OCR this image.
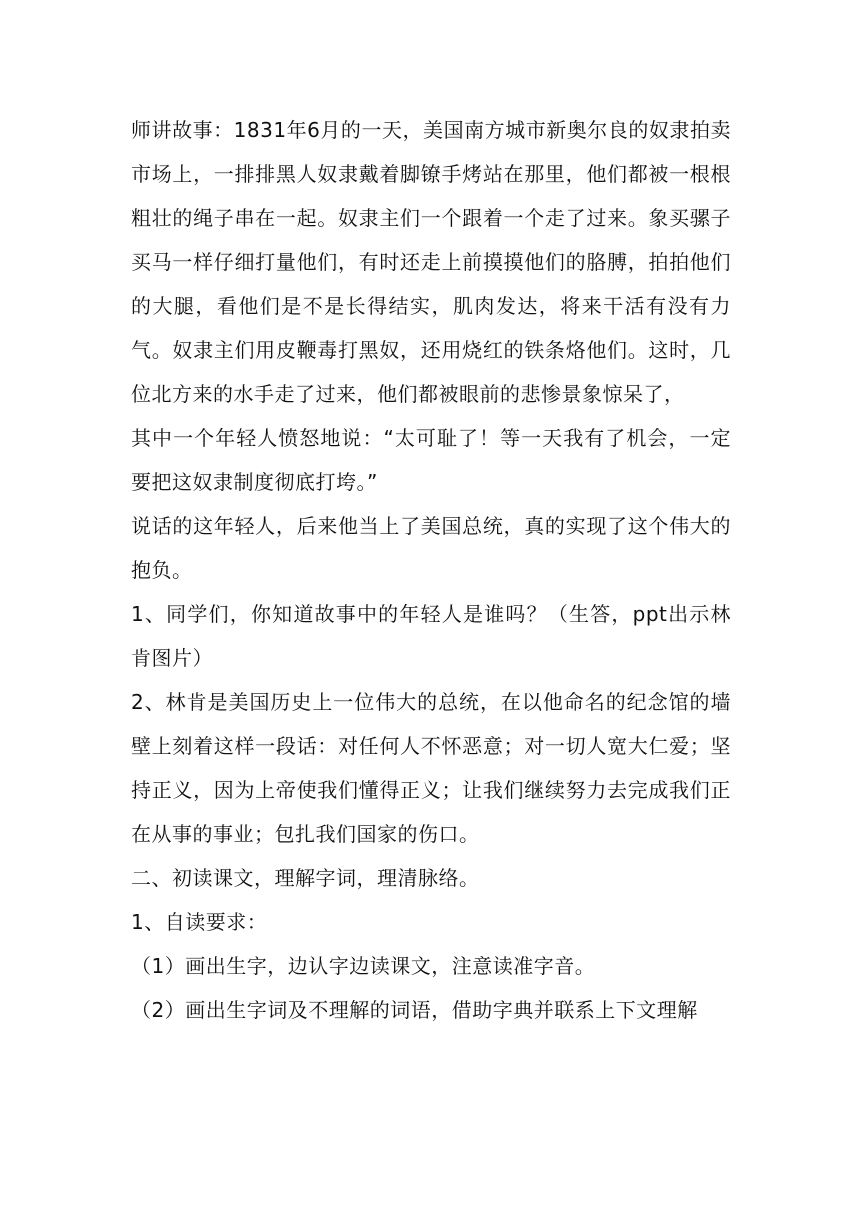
师讲故事：1831年6月的一天，美国南方城市新奥尔良的奴隶拍卖市场上，一排排黑人奴隶戴着脚镣手烤站在那里，他们都被一根根粗壮的绳子串在一起。奴隶主们一个跟着一个走了过来。象买骡子买马一样仔细打量他们，有时还走上前摸摸他们的胳膊，拍拍他们的大腿，看他们是不是长得结实，肌肉发达，将来干活有没有力气。奴隶主们用皮鞭毒打黑奴，还用烧红的铁条烙他们。这时，几位北方来的水手走了过来，他们都被眼前的悲惨景象惊呆了，

其中一个年轻人愤怒地说：“太可耻了！等一天我有了机会，一定要把这奴隶制度彻底打垮。”

说话的这年轻人，后来他当上了美国总统，真的实现了这个伟大的抱负。

1、同学们，你知道故事中的年轻人是谁吗？（生答，ppt出示林肯图片）

2、林肯是美国历史上一位伟大的总统，在以他命名的纪念馆的墙壁上刻着这样一段话：对任何人不怀恶意；对一切人宽大仁爱；坚持正义，因为上帝使我们懂得正义；让我们继续努力去完成我们正在从事的事业；包扎我们国家的伤口。

二、初读课文，理解字词，理清脉络。

1、自读要求：

（1）画出生字，边认字边读课文，注意读准字音。

（2）画出生字词及不理解的词语，借助字典并联系上下文理解
